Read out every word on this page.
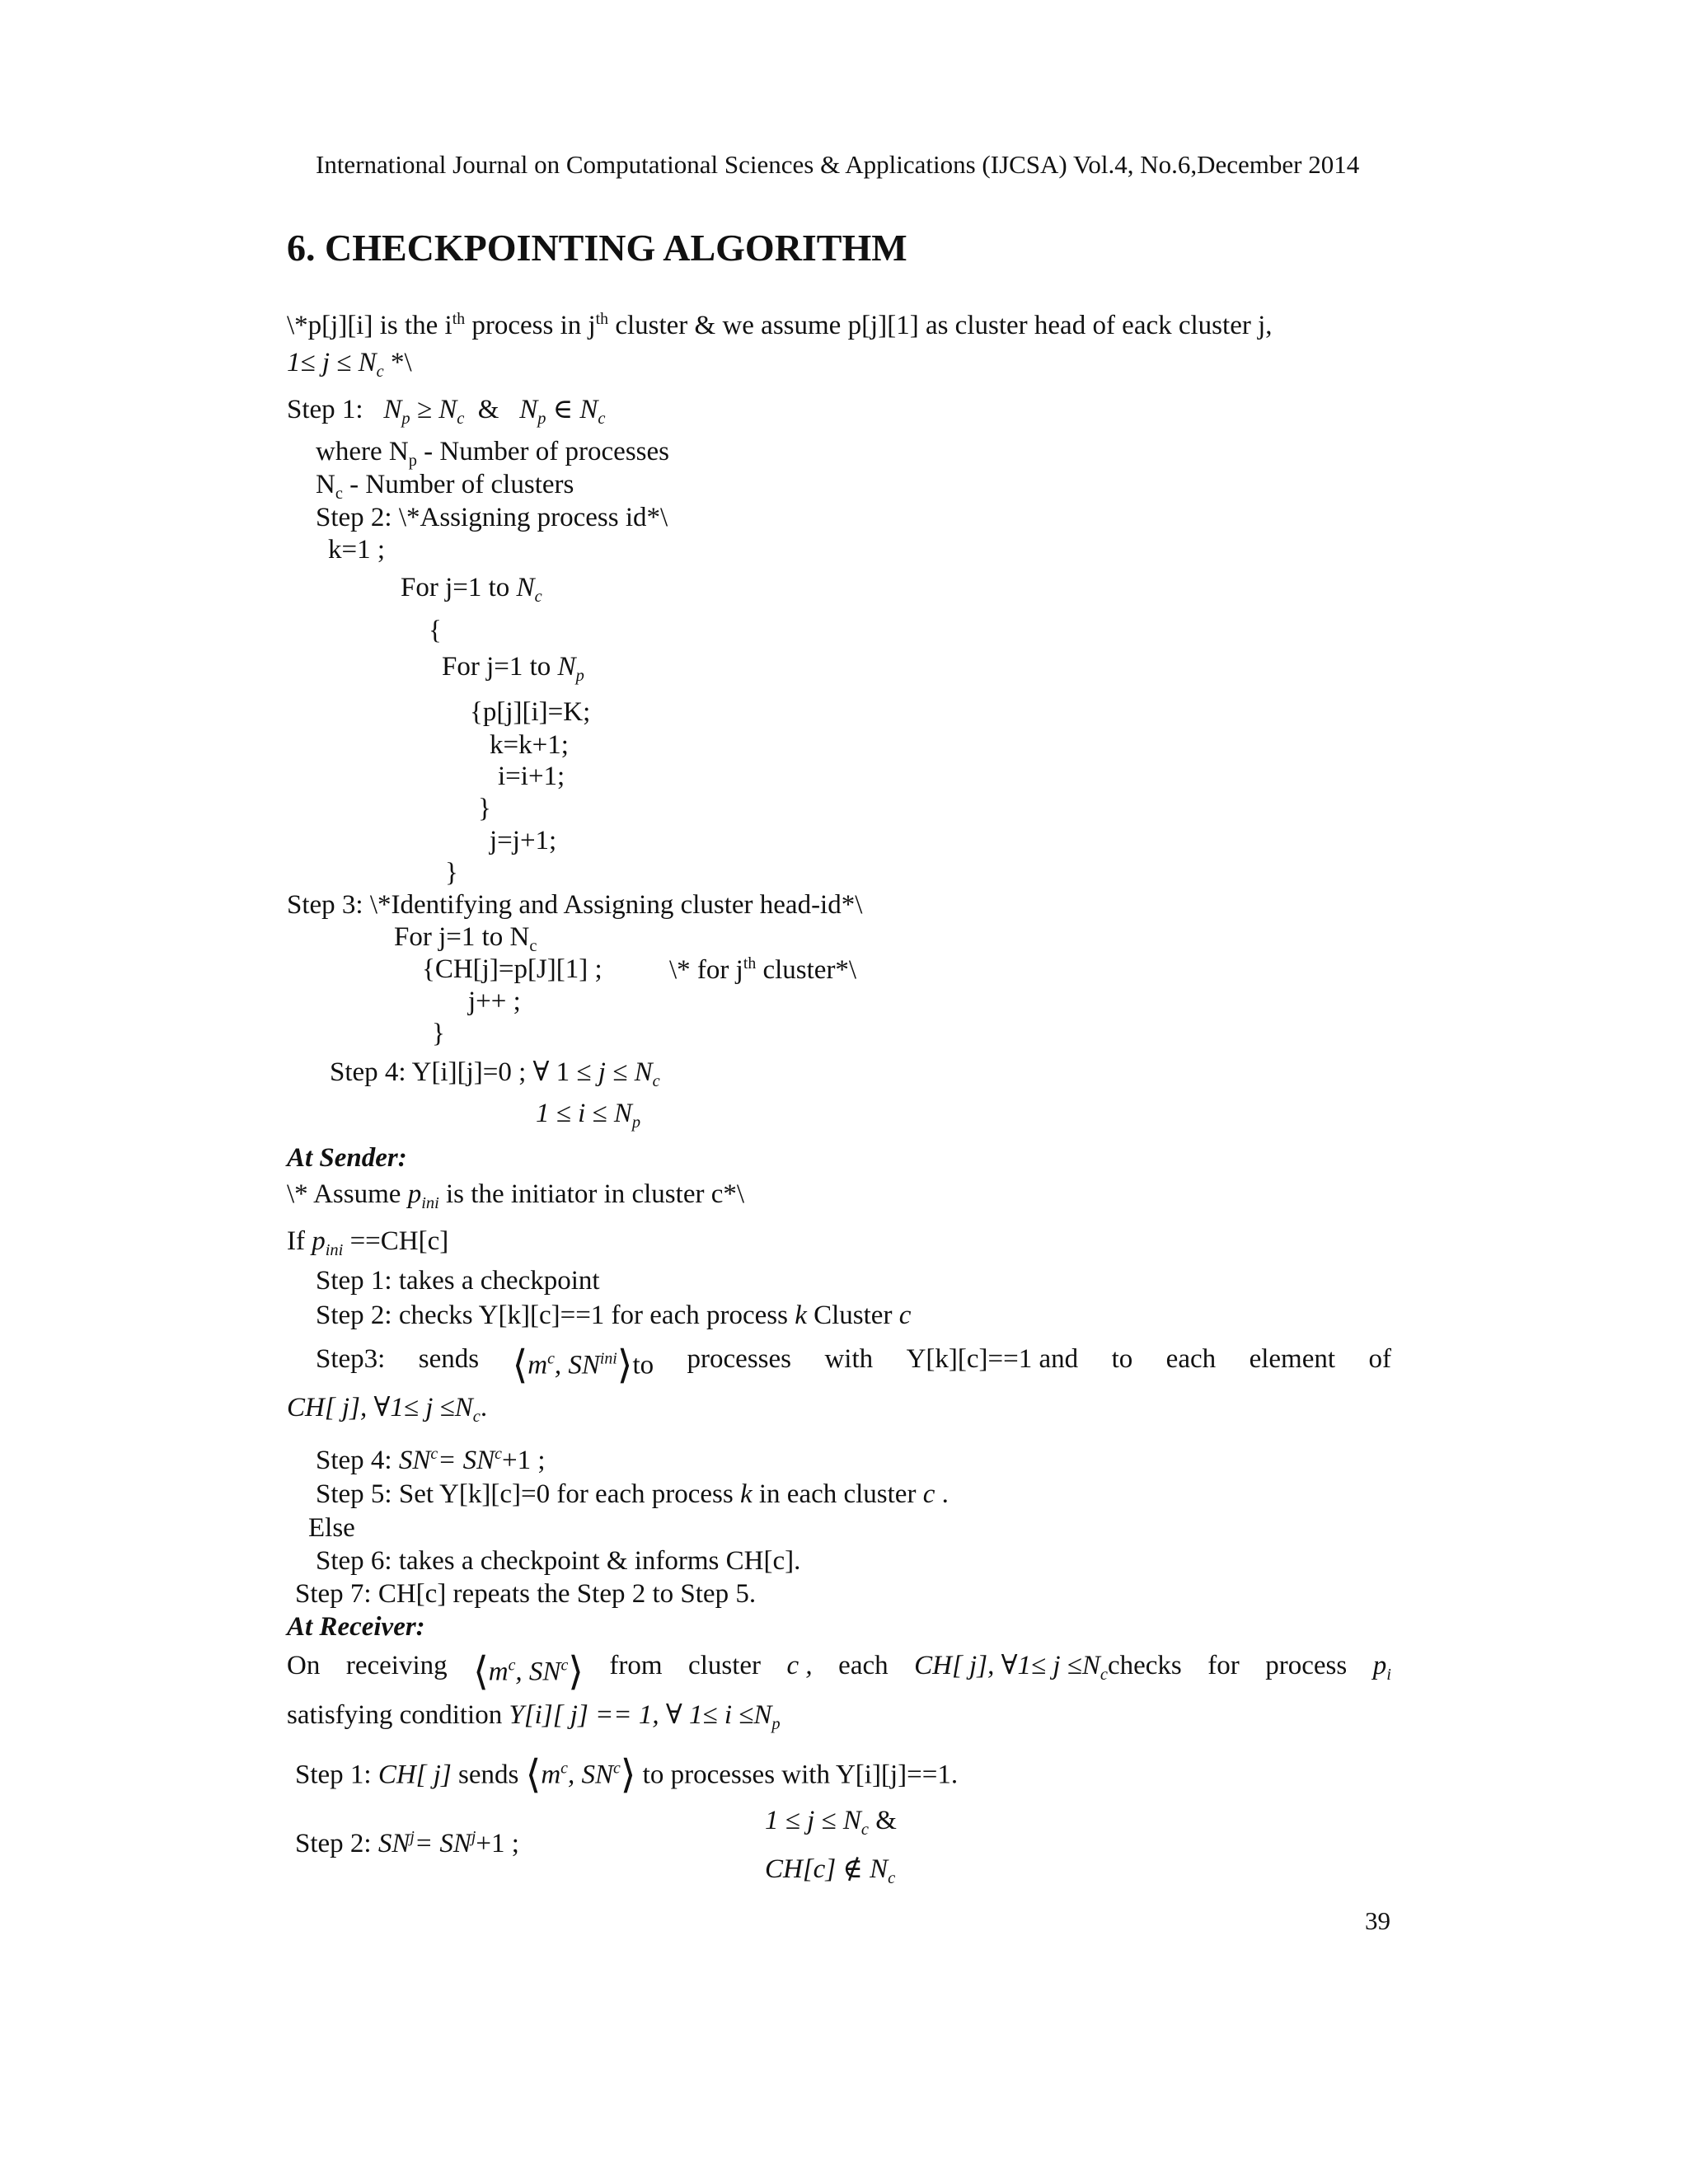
International Journal on Computational Sciences & Applications (IJCSA) Vol.4, No.6,December 2014
6. CHECKPOINTING ALGORITHM
\*p[j][i] is the $i^{th}$ process in $j^{th}$ cluster & we assume p[j][1] as cluster head of eack cluster j,
$1\le j \le N_c$ *\
Step 1: $N_p \ge N_c$ & $N_p$ ∈ $N_c$
where $N_p$ - Number of processes
$N_c$ - Number of clusters
Step 2: \*Assigning process id*\
k=1 ;
For j=1 to $N_c$
{
For j=1 to $N_p$
{p[j][i]=K;
k=k+1;
i=i+1;
}
j=j+1;
}
Step 3: \*Identifying and Assigning cluster head-id*\
For j=1 to $N_c$
{CH[j]=p[J][1] ; \* for $j^{th}$ cluster*\
j++ ;
}
Step 4: Y[i][j]=0 ; ∀ $1 \le j \le N_c$
$1 \le i \le N_p$
At Sender:
\* Assume $p_{ini}$ is the initiator in cluster c*\
If $p_{ini} ==CH[c]$
Step 1: takes a checkpoint
Step 2: checks Y[k][c]==1 for each process k Cluster c
Step3: sends $⟨m^c$, $SN^{ini}⟩to$ processes with Y[k][c]==1 and to each element of
CH[ j], ∀1≤ $j \le N_c$.
Step 4: $SN^c= SN^c+1$ ;
Step 5: Set Y[k][c]=0 for each process k in each cluster c .
Else
Step 6: takes a checkpoint & informs CH[c].
Step 7: CH[c] repeats the Step 2 to Step 5.
At Receiver:
On receiving $⟨m^c$, $SN^c⟩$ from cluster c , each CH[ j], ∀1≤ $j \le N_cchecks$ for process $p_i$
satisfying condition Y[i][ j] == 1, ∀ $1\le i \le N_p$
Step 1: CH[ j] sends $⟨m^c$, $SN^c⟩$ to processes with Y[i][j]==1.
Step 2: $SN^j= SN^j+1$ ;
$1 \le j \le N_c$ &
CH[c] ∉ $N_c$
39
